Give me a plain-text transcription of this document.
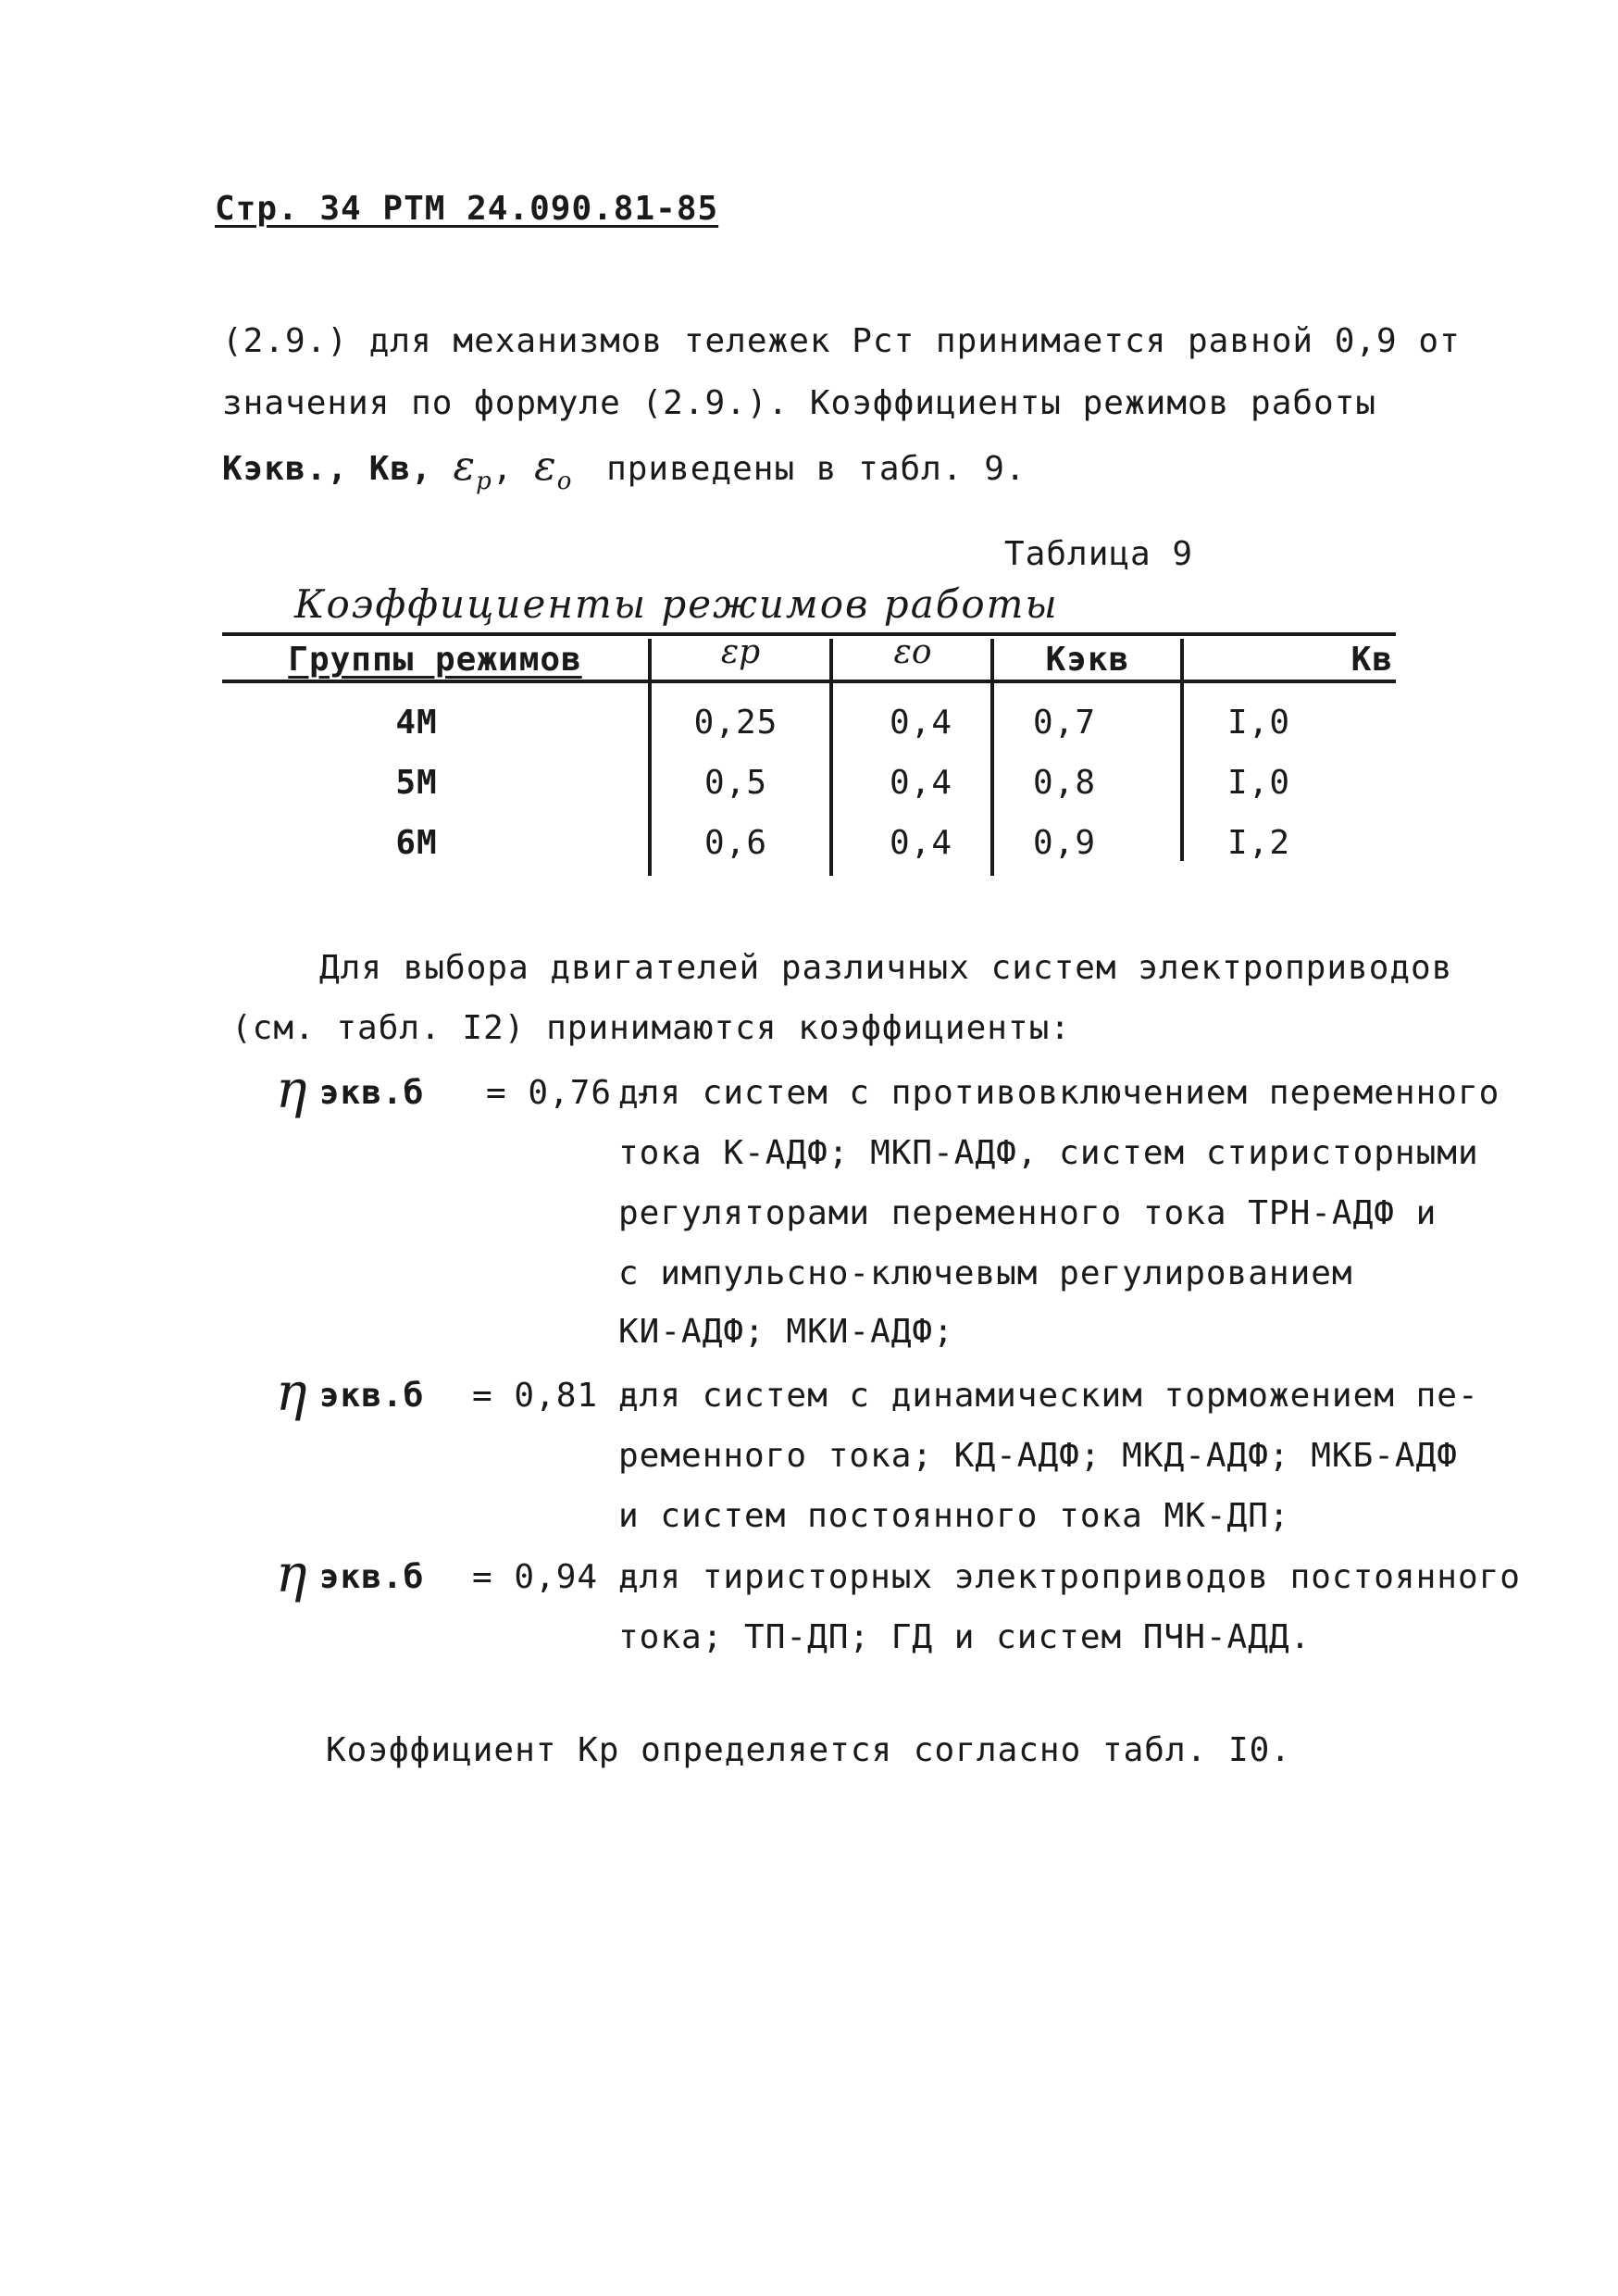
Стр. 34 РТМ 24.090.81-85
(2.9.) для механизмов тележек Рст принимается равной 0,9 от
значения по формуле (2.9.). Коэффициенты режимов работы
Кэкв., Кв, $\varepsilon_p$, $\varepsilon_o$ приведены в табл. 9.
Таблица 9
Коэффициенты режимов работы
Группы режимов	εр	εo	Кэкв	Кв
4М	0,25	0,4	0,7	I,0
5М	0,5	0,4	0,8	I,0
6М	0,6	0,4	0,9	I,2
Для выбора двигателей различных систем электроприводов
(см. табл. I2) принимаются коэффициенты:
η экв.б = 0,76 -
для систем с противовключением переменного
тока К-АДФ; МКП-АДФ, систем стиристорными
регуляторами переменного тока ТРН-АДФ и
с импульсно-ключевым регулированием
КИ-АДФ; МКИ-АДФ;
η экв.б = 0,81 -
для систем с динамическим торможением пе-
ременного тока; КД-АДФ; МКД-АДФ; МКБ-АДФ
и систем постоянного тока МК-ДП;
η экв.б = 0,94 -
для тиристорных электроприводов постоянного
тока; ТП-ДП; ГД и систем ПЧН-АДД.
Коэффициент Кр определяется согласно табл. I0.
